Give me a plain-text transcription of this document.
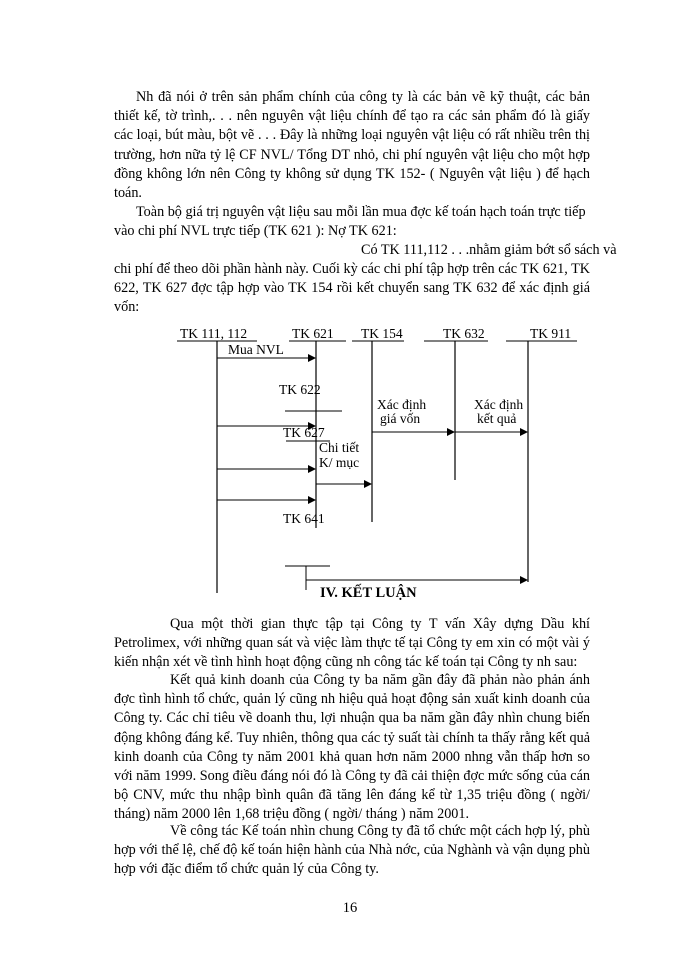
Nh đã nói ở trên sản phẩm chính của công ty là các bản vẽ kỹ thuật, các bản thiết kế, tờ trình,. . . nên nguyên vật liệu chính để tạo ra các sản phẩm đó là giấy các loại, bút màu, bột vẽ . . . Đây là những loại nguyên vật liệu có rất nhiều trên thị trường, hơn nữa tỷ lệ CF NVL/ Tổng DT nhỏ, chi phí nguyên vật liệu cho một hợp đồng không lớn nên Công ty không sử dụng TK 152- ( Nguyên vật liệu ) để hạch toán.

Toàn bộ giá trị nguyên vật liệu sau mỗi lần mua đợc kế toán hạch toán trực tiếp

vào chi phí NVL trực tiếp (TK 621 ): Nợ TK 621:

Có TK 111,112 . . .nhằm giảm bớt sổ sách và

chi phí để theo dõi phần hành này. Cuối kỳ các chi phí tập hợp trên các TK 621, TK 622, TK 627 đợc tập hợp vào TK 154 rồi kết chuyển sang TK 632 để xác định giá vốn:

TK 111, 112	TK 621 TK 154	TK 632	TK 911
Mua NVL
TK 622
TK 627
Xác định
giá vốn
Xác định
kết quả
Chi tiết
K/ mục
TK 641
IV. KẾT LUẬN

Qua một thời gian thực tập tại Công ty T vấn Xây dựng Dầu khí Petrolimex, với những quan sát và việc làm thực tế tại Công ty em xin có một vài ý kiến nhận xét về tình hình hoạt động cũng nh công tác kế toán tại Công ty nh sau:

Kết quả kinh doanh của Công ty ba năm gần đây đã phản nào phản ánh đợc tình hình tổ chức, quản lý cũng nh hiệu quả hoạt động sản xuất kinh doanh của Công ty. Các chỉ tiêu về doanh thu, lợi nhuận qua ba năm gần đây nhìn chung biến động không đáng kể. Tuy nhiên, thông qua các tỷ suất tài chính ta thấy rằng kết quả kinh doanh của Công ty năm 2001 khả quan hơn năm 2000 nhng vẫn thấp hơn so với năm 1999. Song điều đáng nói đó là Công ty đã cải thiện đợc mức sống của cán bộ CNV, mức thu nhập bình quân đã tăng lên đáng kể từ 1,35 triệu đồng ( ngời/ tháng) năm 2000 lên 1,68 triệu đồng ( ngời/ tháng ) năm 2001.

Về công tác Kế toán nhìn chung Công ty đã tổ chức một cách hợp lý, phù hợp với thể lệ, chế độ kế toán hiện hành của Nhà nớc, của Nghành và vận dụng phù hợp với đặc điểm tổ chức quản lý của Công ty.

16
